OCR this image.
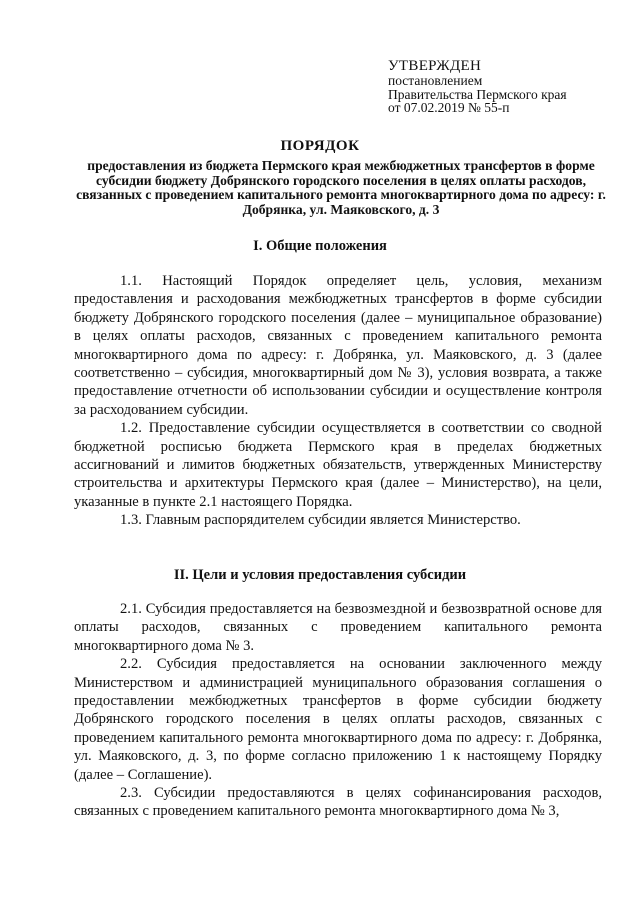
УТВЕРЖДЕН
постановлением
Правительства Пермского края
от 07.02.2019 № 55-п
ПОРЯДОК
предоставления из бюджета Пермского края межбюджетных трансфертов в форме субсидии бюджету Добрянского городского поселения в целях оплаты расходов, связанных с проведением капитального ремонта многоквартирного дома по адресу: г. Добрянка, ул. Маяковского, д. 3
I. Общие положения

1.1. Настоящий Порядок определяет цель, условия, механизм предоставления и расходования межбюджетных трансфертов в форме субсидии бюджету Добрянского городского поселения (далее – муниципальное образование) в целях оплаты расходов, связанных с проведением капитального ремонта многоквартирного дома по адресу: г. Добрянка, ул. Маяковского, д. 3 (далее соответственно – субсидия, многоквартирный дом № 3), условия возврата, а также предоставление отчетности об использовании субсидии и осуществление контроля за расходованием субсидии.

1.2. Предоставление субсидии осуществляется в соответствии со сводной бюджетной росписью бюджета Пермского края в пределах бюджетных ассигнований и лимитов бюджетных обязательств, утвержденных Министерству строительства и архитектуры Пермского края (далее – Министерство), на цели, указанные в пункте 2.1 настоящего Порядка.

1.3. Главным распорядителем субсидии является Министерство.

II. Цели и условия предоставления субсидии

2.1. Субсидия предоставляется на безвозмездной и безвозвратной основе для оплаты расходов, связанных с проведением капитального ремонта многоквартирного дома № 3.

2.2. Субсидия предоставляется на основании заключенного между Министерством и администрацией муниципального образования соглашения о предоставлении межбюджетных трансфертов в форме субсидии бюджету Добрянского городского поселения в целях оплаты расходов, связанных с проведением капитального ремонта многоквартирного дома по адресу: г. Добрянка, ул. Маяковского, д. 3, по форме согласно приложению 1 к настоящему Порядку (далее – Соглашение).

2.3. Субсидии предоставляются в целях софинансирования расходов, связанных с проведением капитального ремонта многоквартирного дома № 3,
